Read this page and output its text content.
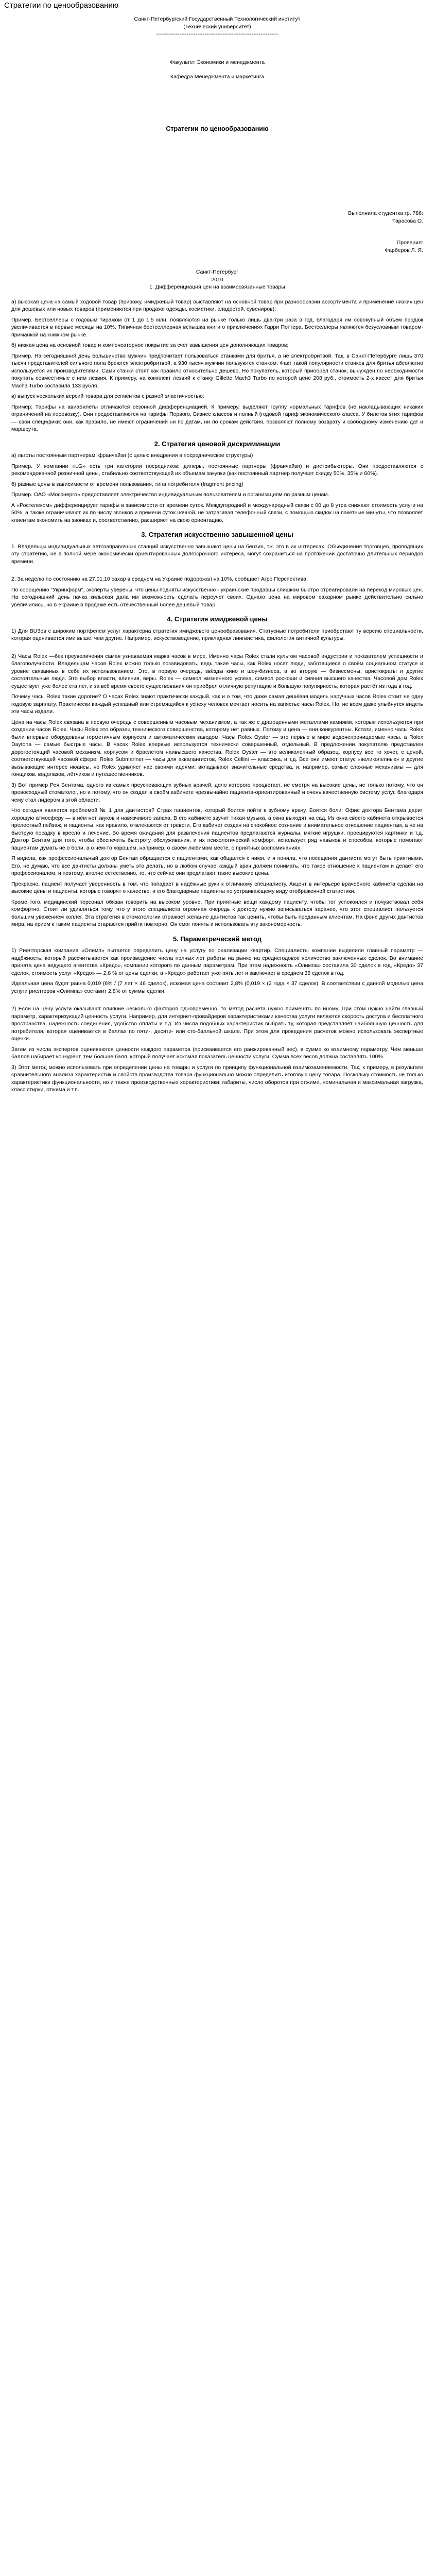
Стратегии по ценообразованию
Санкт-Петербургский Государственный Технологический институт
(Технический университет)
--------------------------------------------------------------------
Факультет Экономики и менеджмента
Кафедра Менеджмента и маркетинга
Стратегии по ценообразованию
Выполнила студентка гр. 786:
Тарасова О.
Проверил:
Фарберов Л. Я.
Санкт-Петербург
2010
1. Дифференциация цен на взаимосвязанные товары
а) высокая цена на самый ходовой товар (привожу, имиджевый товар) выставляют на основной товар при разнообразии ассортимента и применение низких цен для дешевых или новых товаров (применяются при продаже одежды, косметики, сладостей, сувениров):
Пример. Бестселлеры с годовым тиражом от 1 до 1,5 млн. появляются на рынке только лишь два-три раза в год, благодаря им совокупный объем продаж увеличивается в первые месяцы на 10%. Типичная бестселлерная вспышка книги о приключениях Гарри Поттера. Бестселлеры являются безусловным товаром-приманкой на книжном рынке.
б) низкая цена на основной товар и компенсаторное покрытие за счет завышения цен дополняющих товаров;
Пример. На сегодняшний день большинство мужчин предпочитает пользоваться станками для бритья, а не электробритвой. Так, в Санкт-Петербурге лишь 370 тысяч представителей сильного пола бреются электробритвой, а 930 тысяч мужчин пользуются станком. Факт такой популярности станков для бритья абсолютно используется их производителями. Сами станки стоят как правило относительно дешево. Но покупатель, который приобрел станок, вынужден по необходимости покупать совместимые с ним лезвия. К примеру, на комплект лезвий к станку Gillette Mach3 Turbo по которой цене 208 руб., стоимость 2-х кассет для бритья Mach3 Turbo составила 133 рубля.
в) выпуск нескольких версий товара для сегментов с разной эластичностью:
Пример: Тарифы на авиабилеты отличаются сезонной дифференциацией. К примеру, выделяют группу нормальных тарифов (не накладывающих никаких ограничений на перевозку). Они предоставляются на тарифы Первого, Бизнес классов и полный (годовой тариф экономического класса. У билетов этих тарифов — свои специфики: они, как правило, не имеют ограничений ни по датам, ни по срокам действия, позволяют полному возврату и свободному изменению дат и маршрута.
2. Стратегия ценовой дискриминации
а) льготы постоянным партнерам, франчайзи (с целью внедрения в посредническое структуры)
Пример. У компании «LG» есть три категории посредников: дилеры, постоянные партнеры (франчайзи) и дистрибьюторы. Они предоставляются с рекомендованной розничной цены, стабильно соответствующей их объемам закупки (как постоянный партнер получает скидку 50%, 35% и 60%).
б) разные цены в зависимости от времени пользования, типа потребителя (fragment pricing)
Пример. ОАО «Мосэнерго» предоставляет электричество индивидуальным пользователям и организациям по разным ценам.
А «Ростелеком» дифференцирует тарифы в зависимости от времени суток. Междугородний и международный связи с 00 до 8 утра снижают стоимость услуги на 50%, а также ограничивают их по числу звонков и времени суток ночной, не затрагивая телефонный связи, с помощью скидок на пакетные минуты, что позволяет клиентам экономить на звонках и, соответственно, расширяет на свою ориентацию.
3. Стратегия искусственно завышенной цены
1. Владельцы индивидуальных автозаправочных станций искусственно завышают цены на бензин, т.к. это в их интересах. Объединения торговцев, проводящих эту стратегию, не в полной мере экономически ориентированных долгосрочного интереса, могут сохраниться на протяжении достаточно длительных периодов времени.
2. За неделю по состоянию на 27.01.10 сахар в среднем на Украине подорожал на 10%, сообщает Агро Перспектива.
По сообщению "Укринформ", эксперты уверены, что цены подняты искусственно - украинские продавцы слишком быстро отреагировали на переход мировых цен. На сегодняшний день пачка кильская дала им возможность сделать переучет своих. Однако цена на мировом сахарном рынке действительно сильно увеличились, но в Украине в продаже есть отечественный более дешевый товар.
4. Стратегия имиджевой цены
1) Для BUЗов с широким портфелем услуг характерна стратегия имиджевого ценообразования. Статусные потребители приобретают ту версию специальности, которая оценивается ими выше, чем другие. Например, искусствоведение, прикладная лингвистика, филология античной культуры.
2) Часы Rolex —без преувеличения самая узнаваемая марка часов в мире. Именно часы Rolex стали культом часовой индустрии и показателем успешности и благополучности. Владельцам часов Rolex можно только позавидовать, ведь такие часы, как Rolex носят люди, заботящиеся о своём социальном статусе и уровне связанных в себе их использованием. Это, в первую очередь, звёзды кино и шоу-бизнеса, а во вторую — бизнесмены, аристократы и другие состоятельные люди. Это выбор власти, влияния, веры. Rolex — символ жизненного успеха, символ роскоши и сияния высшего качества. Часовой дом Rolex существует уже более ста лет, и за всё время своего существования он приобрел отличную репутацию и большую популярность, которая растёт из года в год.
Почему часы Rolex такие дорогие? О часах Rolex знают практически каждый, как и о том, что даже самая дешёвая модель наручных часов Rolex стоит не одну годовую зарплату. Практически каждый успешный или стремящийся к успеху человек мечтает носить на запястье часы Rolex. Но, не всем даже улыбнутся видеть эти часы издали.
Цена на часы Rolex связана в первую очередь с совершенным часовым механизмом, а так же с драгоценными металлами камнями, которые используются при создании часов Rolex. Часы Rolex это образец технического совершенства, которому нет равных. Потому и цена — они конкурентны. Кстати, именно часы Rolex были впервые оборудованы герметичным корпусом и автоматическим заводом. Часы Rolex Oyster — это первые в мире водонепроницаемые часы, а Rolex Daytona — самые быстрые часы. В часах Rolex впервые используется технически совершенный, отдельный. В предложении покупателю представлен дорогостоящий часовой механизм, корпусом и браслетом наивысшего качества. Rolex Oyster — это великолепный образец, корпусу все то хочет, с ценой, соответствующей часовой сфере: Rolex Submariner — часы для аквалангистов, Rolex Cellini — классика, и т.д. Все они имеют статус «великолепных» и другие вызывающие интерес нюансы, но Rolex удивляет нас своими идеями: вкладывают значительные средства, и, например, самые сложные механизмы — для гонщиков, водолазов, лётчиков и путешественников.
3) Вот пример Рея Бентама, одного из самых преуспевающих зубных врачей, дело которого процветает, не смотря на высокие цены, не только потому, что он превосходный стоматолог, но и потому, что он создал в своём кабинете чрезвычайно пациента-ориентированный и очень качественную систему услуг, благодаря чему стал лидером в этой области.
Что сегодня является проблемой № 1 для дантистов? Страх пациентов, который боится пойти к зубному врачу. Боятся боли. Офис доктора Бентама дарит хорошую атмосферу — в нём нет звуков и навязчивого запаха. В его кабинете звучит тихая музыка, а окна выходят на сад. Из окна своего кабинета открывается прелестный пейзаж, и пациенты, как правило, отвлекаются от тревоги. Его кабинет создан на спокойное сознание и внимательное отношение пациентам, а не на быструю посадку в кресло и лечение. Во время ожидания для развлечения пациентов предлагаются журналы, мягкие игрушки, проецируются картинки и т.д. Доктор Бентам для того, чтобы обеспечить быстроту обслуживания, и их психологический комфорт, использует ряд навыков и способов, которые помогают пациентам думать не о боли, а о чём-то хорошем, например, о своём любимом месте, о приятных воспоминаниях.
Я видела, как профессиональный доктор Бентам обращается с пациентами, как общается с ними, и я поняла, что посещения дантиста могут быть приятными. Его, не думаю, что все дантисты должны уметь это делать, но в любом случае каждый врач должен понимать, что такое отношение к пациентам и делает его профессионалом, и поэтому, вполне естественно, то, что сейчас они предлагают такие высокие цены.
Прекрасно, пациент получает уверенность в том, что попадает в надёжные руки к отличному специалисту. Акцент в интерьере врачебного кабинета сделан на высокие цены и пациенты, которые говорят о качестве, и его благодарные пациенты по устраивающему виду отображенной статистики.
Кроме того, медицинский персонал обязан говорить на высоком уровне. При приятные вещи каждому пациенту, чтобы тот успокоился и почувствовал себя комфортно. Стоит ли удивляться тому, что у этого специалиста огромная очередь к доктору нужно записываться заранее, что этот специалист пользуется большим уважением коллег. Эта стратегия в стоматологии отражает желание дантистов так ценить, чтобы быть преданным клиентам. На фоне других дантистов мира, на прием к таким пациенты стараются прийти повторно. Он смог понять и использовать эту закономерность.
5. Параметрический метод
1) Риелторская компания «Олимп» пытается определить цену на услугу по реализации квартир. Специалисты компании выделили главный параметр — надёжность, который рассчитывается как произведение числа полных лет работы на рынке на среднегодовое количество заключенных сделок. Во внимание принята цена ведущего агентства «Кредо», компании которого по данным параметрам. При этом надежность «Олимпа» составила 30 сделок в год, «Кредо» 37 сделок, стоимость услуг «Кредо» — 2,8 % от цены сделки, а «Кредо» работает уже пять лет и заключает в среднем 35 сделок в год.
Идеальная цена будет равна 0,019 (6% / (7 лет × 46 сделок), искомая цена составит 2,8% (0,019 × (2 года × 37 сделок). В соответствии с данной моделью цена услуги риелторов «Олимпа» составит 2,8% от суммы сделки.
2) Если на цену услуги оказывают влияние несколько факторов одновременно, то метод расчета нужно применять по иному. При этом нужно найти главный параметр, характеризующий ценность услуги. Например, для интернет-провайдеров характеристиками качества услуги являются скорость доступа и бесплатного пространства, надежность соединения, удобство оплаты и т.д. Из числа подобных характеристик выбрать ту, которая представляет наибольшую ценность для потребителя, которая оценивается в баллах по пяти-, десяти- или сто-балльной шкале. При этом для проведения расчетов можно использовать экспертные оценки.
Затем из числа экспертов оцениваются ценности каждого параметра (присваивается его ранжированный вес), в сумме ко взаимному параметру. Чем меньше баллов набирает конкурент, тем больше балл, который получает искомая показатель ценности услуги. Сумма всех весов должна составлять 100%.
3) Этот метод можно использовать при определении цены на товары и услуги по принципу функциональной взаимозаменяемости. Так, к примеру, в результате сравнительного анализа характеристик и свойств производства товара функционально можно определить итоговую цену товара. Поскольку стоимость не только характеристики функциональности, но и также производственные характеристики: габариты, число оборотов при отжиме, номинальная и максимальная загрузка, класс стирки, отжима и т.п.
